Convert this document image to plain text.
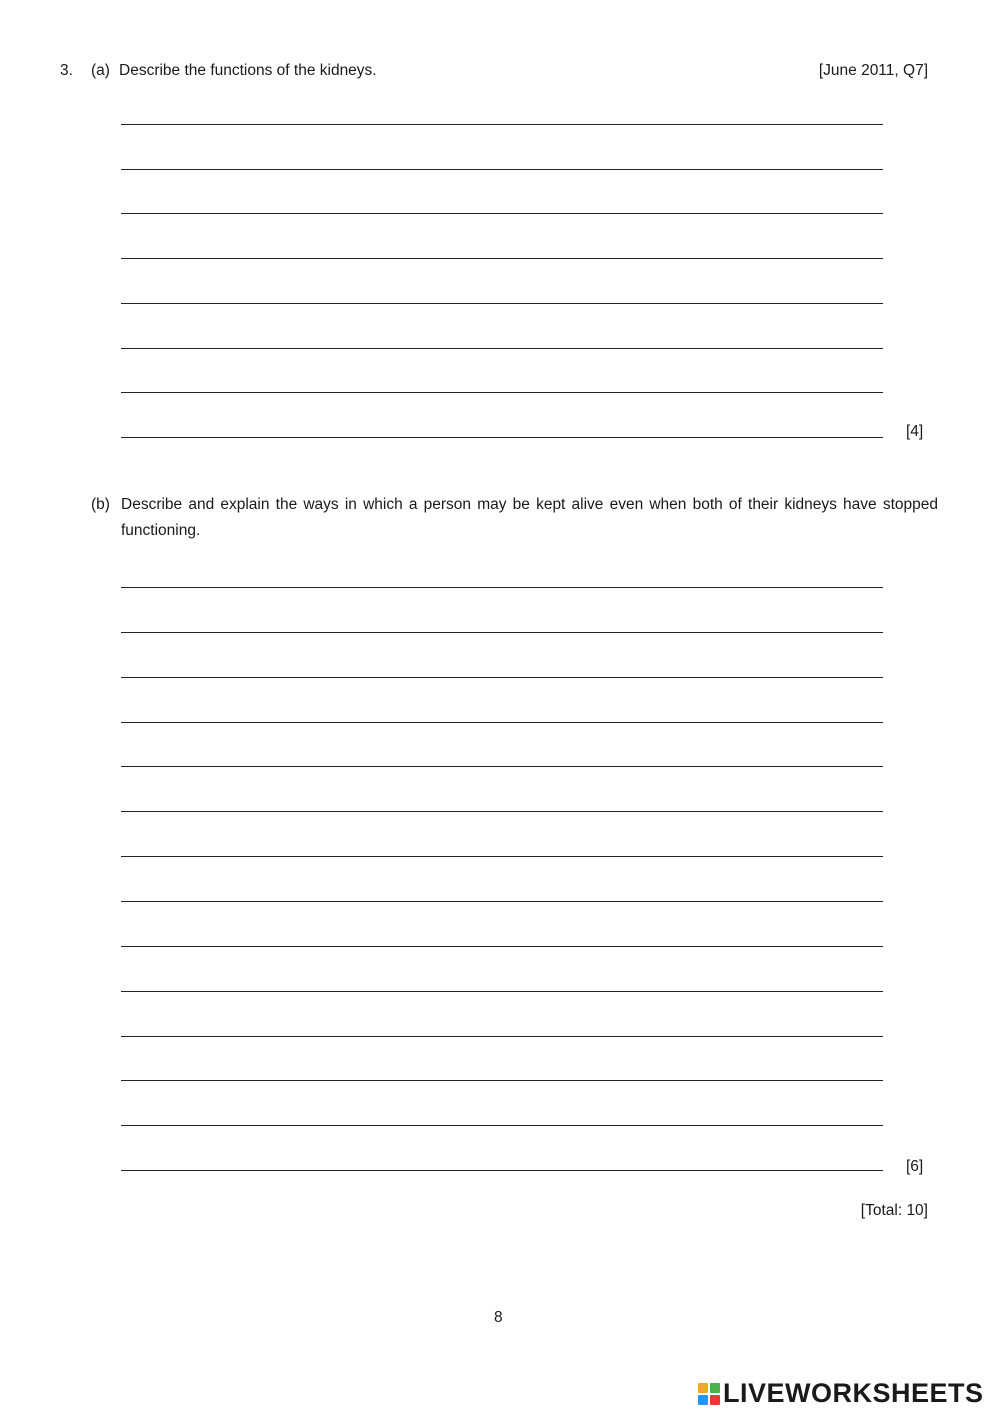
3. (a) Describe the functions of the kidneys.	[June 2011, Q7]
[4]
(b) Describe and explain the ways in which a person may be kept alive even when both of their kidneys have stopped functioning.
[6]
[Total: 10]
8
LIVEWORKSHEETS
